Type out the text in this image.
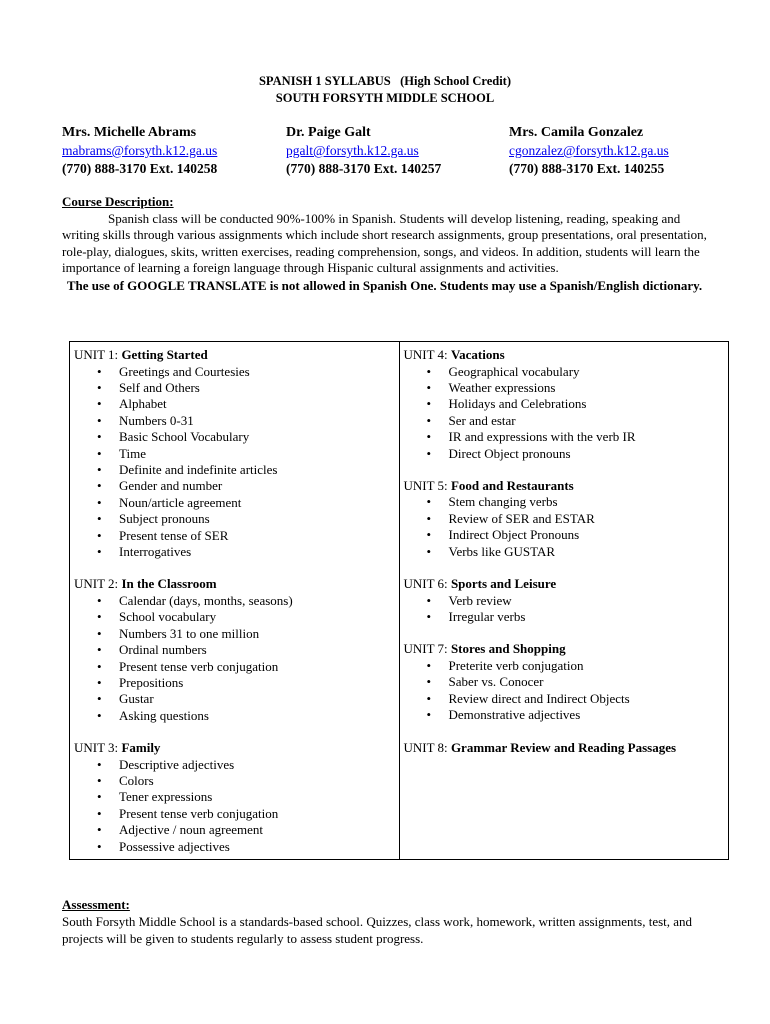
SPANISH 1 SYLLABUS   (High School Credit)
SOUTH FORSYTH MIDDLE SCHOOL
Mrs. Michelle Abrams
mabrams@forsyth.k12.ga.us
(770) 888-3170 Ext. 140258
Dr. Paige Galt
pgalt@forsyth.k12.ga.us
(770) 888-3170 Ext. 140257
Mrs. Camila Gonzalez
cgonzalez@forsyth.k12.ga.us
(770) 888-3170 Ext. 140255
Course Description:
Spanish class will be conducted 90%-100% in Spanish. Students will develop listening, reading, speaking and writing skills through various assignments which include short research assignments, group presentations, oral presentation, role-play, dialogues, skits, written exercises, reading comprehension, songs, and videos. In addition, students will learn the importance of learning a foreign language through Hispanic cultural assignments and activities.
The use of GOOGLE TRANSLATE is not allowed in Spanish One. Students may use a Spanish/English dictionary.
UNIT 1: Getting Started
• Greetings and Courtesies
• Self and Others
• Alphabet
• Numbers 0-31
• Basic School Vocabulary
• Time
• Definite and indefinite articles
• Gender and number
• Noun/article agreement
• Subject pronouns
• Present tense of SER
• Interrogatives
UNIT 2: In the Classroom
• Calendar (days, months, seasons)
• School vocabulary
• Numbers 31 to one million
• Ordinal numbers
• Present tense verb conjugation
• Prepositions
• Gustar
• Asking questions
UNIT 3: Family
• Descriptive adjectives
• Colors
• Tener expressions
• Present tense verb conjugation
• Adjective / noun agreement
• Possessive adjectives

UNIT 4: Vacations
• Geographical vocabulary
• Weather expressions
• Holidays and Celebrations
• Ser and estar
• IR and expressions with the verb IR
• Direct Object pronouns
UNIT 5: Food and Restaurants
• Stem changing verbs
• Review of SER and ESTAR
• Indirect Object Pronouns
• Verbs like GUSTAR
UNIT 6: Sports and Leisure
• Verb review
• Irregular verbs
UNIT 7: Stores and Shopping
• Preterite verb conjugation
• Saber vs. Conocer
• Review direct and Indirect Objects
• Demonstrative adjectives
UNIT 8: Grammar Review and Reading Passages
Assessment:
South Forsyth Middle School is a standards-based school. Quizzes, class work, homework, written assignments, test, and projects will be given to students regularly to assess student progress.
